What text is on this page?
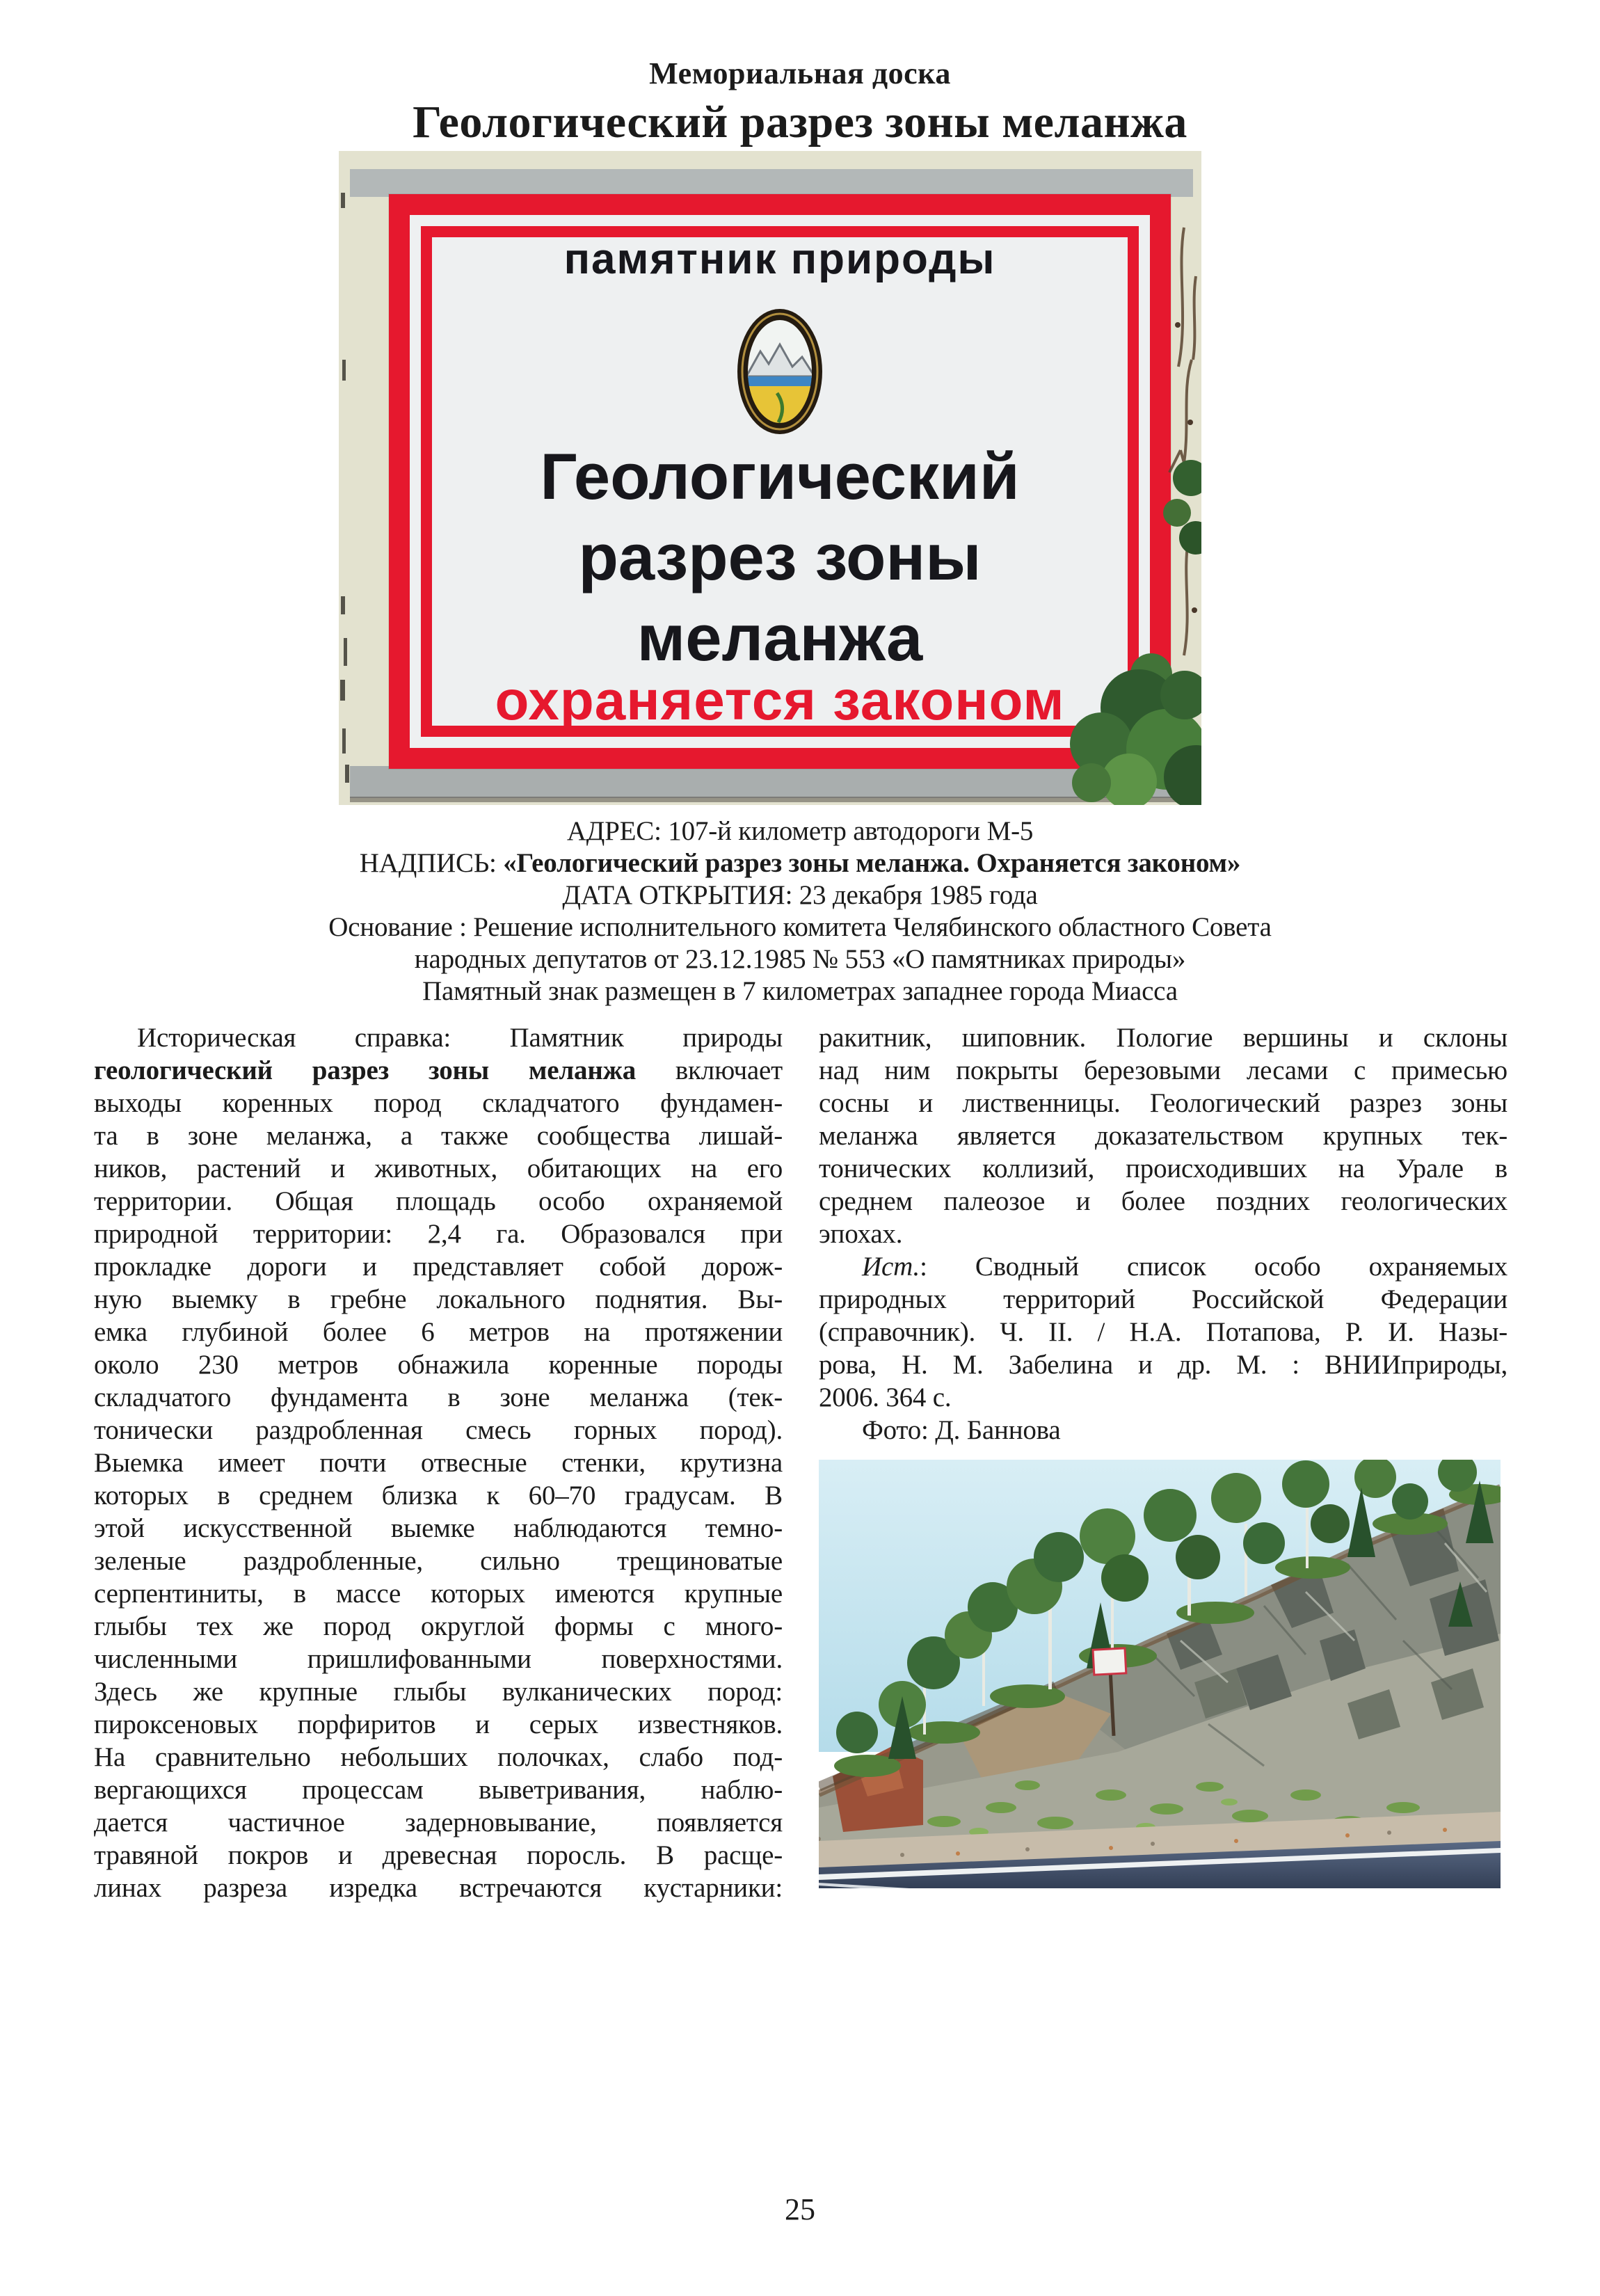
Мемориальная доска
Геологический разрез зоны меланжа
памятник природы
Геологический
разрез зоны
меланжа
охраняется законом
АДРЕС: 107-й километр автодороги М-5
НАДПИСЬ: «Геологический разрез зоны меланжа. Охраняется законом»
ДАТА ОТКРЫТИЯ: 23 декабря 1985 года
Основание : Решение исполнительного комитета Челябинского областного Совета
народных депутатов от 23.12.1985 № 553 «О памятниках природы»
Памятный знак размещен в 7 километрах западнее города Миасса
Историческая справка: Памятник природы
геологический разрез зоны меланжа включает
выходы коренных пород складчатого фундамен-
та в зоне меланжа, а также сообщества лишай-
ников, растений и животных, обитающих на его
территории. Общая площадь особо охраняемой
природной территории: 2,4 га. Образовался при
прокладке дороги и представляет собой дорож-
ную выемку в гребне локального поднятия. Вы-
емка глубиной более 6 метров на протяжении
около 230 метров обнажила коренные породы
складчатого фундамента в зоне меланжа (тек-
тонически раздробленная смесь горных пород).
Выемка имеет почти отвесные стенки, крутизна
которых в среднем близка к 60–70 градусам. В
этой искусственной выемке наблюдаются темно-
зеленые раздробленные, сильно трещиноватые
серпентиниты, в массе которых имеются крупные
глыбы тех же пород округлой формы с много-
численными пришлифованными поверхностями.
Здесь же крупные глыбы вулканических пород:
пироксеновых порфиритов и серых известняков.
На сравнительно небольших полочках, слабо под-
вергающихся процессам выветривания, наблю-
дается частичное задерновывание, появляется
травяной покров и древесная поросль. В расще-
линах разреза изредка встречаются кустарники:
ракитник, шиповник. Пологие вершины и склоны
над ним покрыты березовыми лесами с примесью
сосны и лиственницы. Геологический разрез зоны
меланжа является доказательством крупных тек-
тонических коллизий, происходивших на Урале в
среднем палеозое и более поздних геологических
эпохах.
Ист.: Сводный список особо охраняемых
природных территорий Российской Федерации
(справочник). Ч. II. / Н.А. Потапова, Р. И. Назы-
рова, Н. М. Забелина и др. М. : ВНИИприроды,
2006. 364 с.
Фото: Д. Баннова
25
